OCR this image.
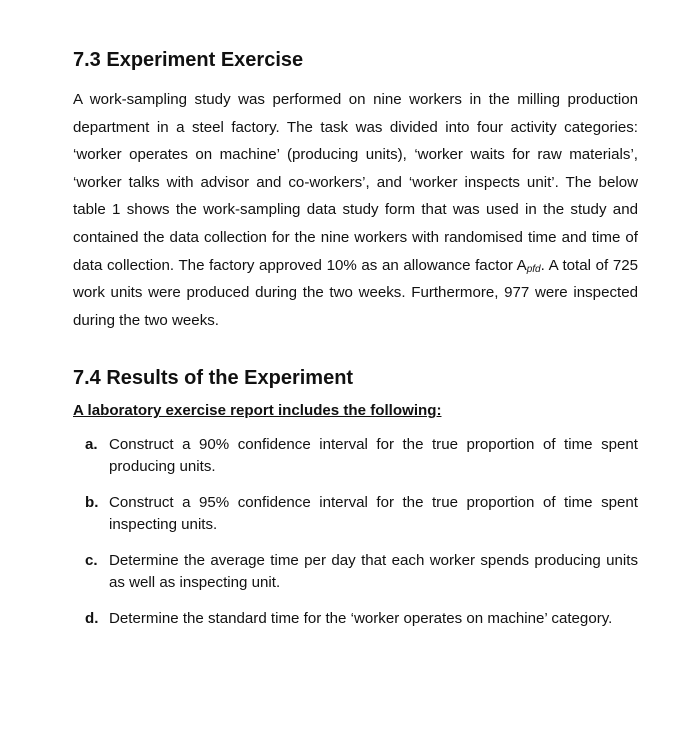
7.3 Experiment Exercise

A work-sampling study was performed on nine workers in the milling production department in a steel factory. The task was divided into four activity categories: ‘worker operates on machine’ (producing units), ‘worker waits for raw materials’, ‘worker talks with advisor and co-workers’, and ‘worker inspects unit’. The below table 1 shows the work-sampling data study form that was used in the study and contained the data collection for the nine workers with randomised time and time of data collection. The factory approved 10% as an allowance factor $A_{pfd}$. A total of 725 work units were produced during the two weeks. Furthermore, 977 were inspected during the two weeks.

7.4 Results of the Experiment
A laboratory exercise report includes the following:
a. Construct a 90% confidence interval for the true proportion of time spent producing units.
b. Construct a 95% confidence interval for the true proportion of time spent inspecting units.
c. Determine the average time per day that each worker spends producing units as well as inspecting unit.
d. Determine the standard time for the ‘worker operates on machine’ category.
